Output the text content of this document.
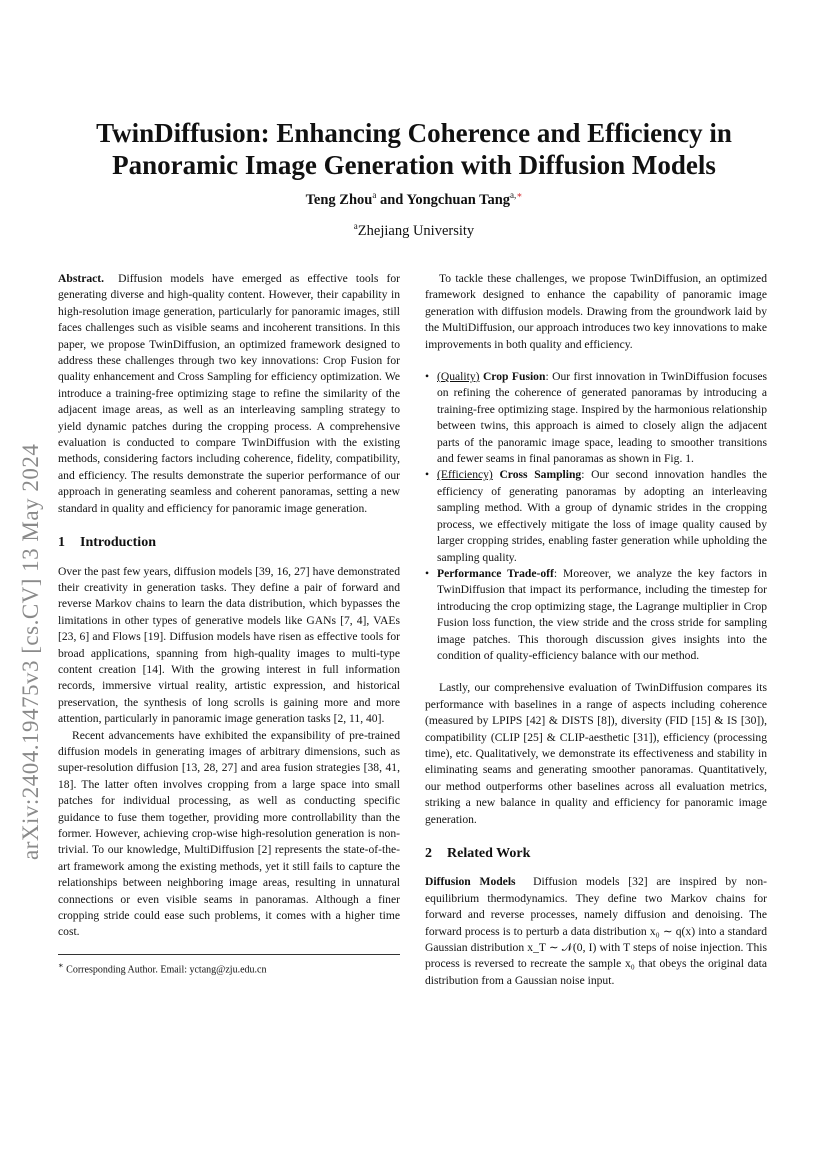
arXiv:2404.19475v3 [cs.CV] 13 May 2024
TwinDiffusion: Enhancing Coherence and Efficiency in
Panoramic Image Generation with Diffusion Models
Teng Zhou$^a$ and Yongchuan Tang$^{a,∗}$
$^a$Zhejiang University

Abstract. Diffusion models have emerged as effective tools for generating diverse and high-quality content. However, their capability in high-resolution image generation, particularly for panoramic images, still faces challenges such as visible seams and incoherent transitions. In this paper, we propose TwinDiffusion, an optimized framework designed to address these challenges through two key innovations: Crop Fusion for quality enhancement and Cross Sampling for efficiency optimization. We introduce a training-free optimizing stage to refine the similarity of the adjacent image areas, as well as an interleaving sampling strategy to yield dynamic patches during the cropping process. A comprehensive evaluation is conducted to compare TwinDiffusion with the existing methods, considering factors including coherence, fidelity, compatibility, and efficiency. The results demonstrate the superior performance of our approach in generating seamless and coherent panoramas, setting a new standard in quality and efficiency for panoramic image generation.

1 Introduction

Over the past few years, diffusion models [39, 16, 27] have demonstrated their creativity in generation tasks. They define a pair of forward and reverse Markov chains to learn the data distribution, which bypasses the limitations in other types of generative models like GANs [7, 4], VAEs [23, 6] and Flows [19]. Diffusion models have risen as effective tools for broad applications, spanning from high-quality images to multi-type content creation [14]. With the growing interest in full information records, immersive virtual reality, artistic expression, and historical preservation, the synthesis of long scrolls is gaining more and more attention, particularly in panoramic image generation tasks [2, 11, 40].

Recent advancements have exhibited the expansibility of pre-trained diffusion models in generating images of arbitrary dimensions, such as super-resolution diffusion [13, 28, 27] and area fusion strategies [38, 41, 18]. The latter often involves cropping from a large space into small patches for individual processing, as well as conducting specific guidance to fuse them together, providing more controllability than the former. However, achieving crop-wise high-resolution generation is non-trivial. To our knowledge, MultiDiffusion [2] represents the state-of-the-art framework among the existing methods, yet it still fails to capture the relationships between neighboring image areas, resulting in unnatural connections or even visible seams in panoramas. Although a finer cropping stride could ease such problems, it comes with a higher time cost.

∗ Corresponding Author. Email: yctang@zju.edu.cn

To tackle these challenges, we propose TwinDiffusion, an optimized framework designed to enhance the capability of panoramic image generation with diffusion models. Drawing from the groundwork laid by the MultiDiffusion, our approach introduces two key innovations to make improvements in both quality and efficiency.

• (Quality) Crop Fusion: Our first innovation in TwinDiffusion focuses on refining the coherence of generated panoramas by introducing a training-free optimizing stage. Inspired by the harmonious relationship between twins, this approach is aimed to closely align the adjacent parts of the panoramic image space, leading to smoother transitions and fewer seams in final panoramas as shown in Fig. 1.
• (Efficiency) Cross Sampling: Our second innovation handles the efficiency of generating panoramas by adopting an interleaving sampling method. With a group of dynamic strides in the cropping process, we effectively mitigate the loss of image quality caused by larger cropping strides, enabling faster generation while upholding the sampling quality.
• Performance Trade-off: Moreover, we analyze the key factors in TwinDiffusion that impact its performance, including the timestep for introducing the crop optimizing stage, the Lagrange multiplier in Crop Fusion loss function, the view stride and the cross stride for sampling image patches. This thorough discussion gives insights into the condition of quality-efficiency balance with our method.

Lastly, our comprehensive evaluation of TwinDiffusion compares its performance with baselines in a range of aspects including coherence (measured by LPIPS [42] & DISTS [8]), diversity (FID [15] & IS [30]), compatibility (CLIP [25] & CLIP-aesthetic [31]), efficiency (processing time), etc. Qualitatively, we demonstrate its effectiveness and stability in eliminating seams and generating smoother panoramas. Quantitatively, our method outperforms other baselines across all evaluation metrics, striking a new balance in quality and efficiency for panoramic image generation.

2 Related Work

Diffusion Models Diffusion models [32] are inspired by non-equilibrium thermodynamics. They define two Markov chains for forward and reverse processes, namely diffusion and denoising. The forward process is to perturb a data distribution x₀ ∼ q(x) into a standard Gaussian distribution x_T ∼ 𝒩(0, I) with T steps of noise injection. This process is reversed to recreate the sample x₀ that obeys the original data distribution from a Gaussian noise input.
